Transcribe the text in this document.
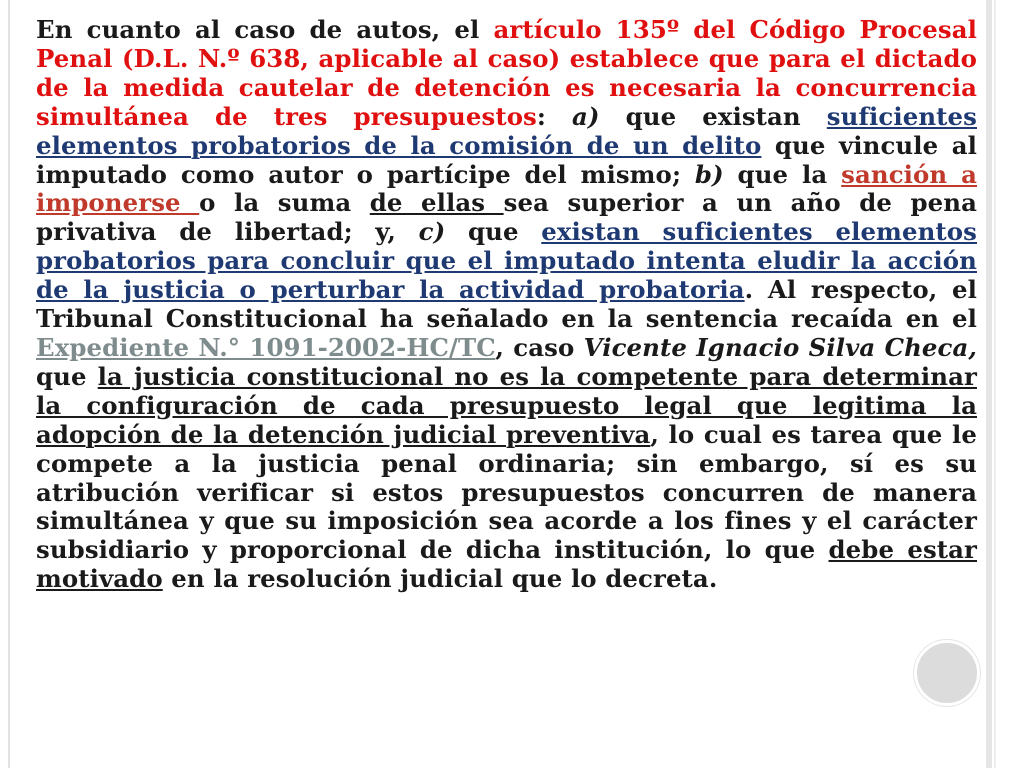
En cuanto al caso de autos, el artículo 135º del Código Procesal Penal (D.L. N.º 638, aplicable al caso) establece que para el dictado de la medida cautelar de detención es necesaria la concurrencia simultánea de tres presupuestos: a) que existan suficientes elementos probatorios de la comisión de un delito que vincule al imputado como autor o partícipe del mismo; b) que la sanción a imponerse o la suma de ellas sea superior a un año de pena privativa de libertad; y, c) que existan suficientes elementos probatorios para concluir que el imputado intenta eludir la acción de la justicia o perturbar la actividad probatoria. Al respecto, el Tribunal Constitucional ha señalado en la sentencia recaída en el Expediente N.° 1091-2002-HC/TC, caso Vicente Ignacio Silva Checa, que la justicia constitucional no es la competente para determinar la configuración de cada presupuesto legal que legitima la adopción de la detención judicial preventiva, lo cual es tarea que le compete a la justicia penal ordinaria; sin embargo, sí es su atribución verificar si estos presupuestos concurren de manera simultánea y que su imposición sea acorde a los fines y el carácter subsidiario y proporcional de dicha institución, lo que debe estar motivado en la resolución judicial que lo decreta.
